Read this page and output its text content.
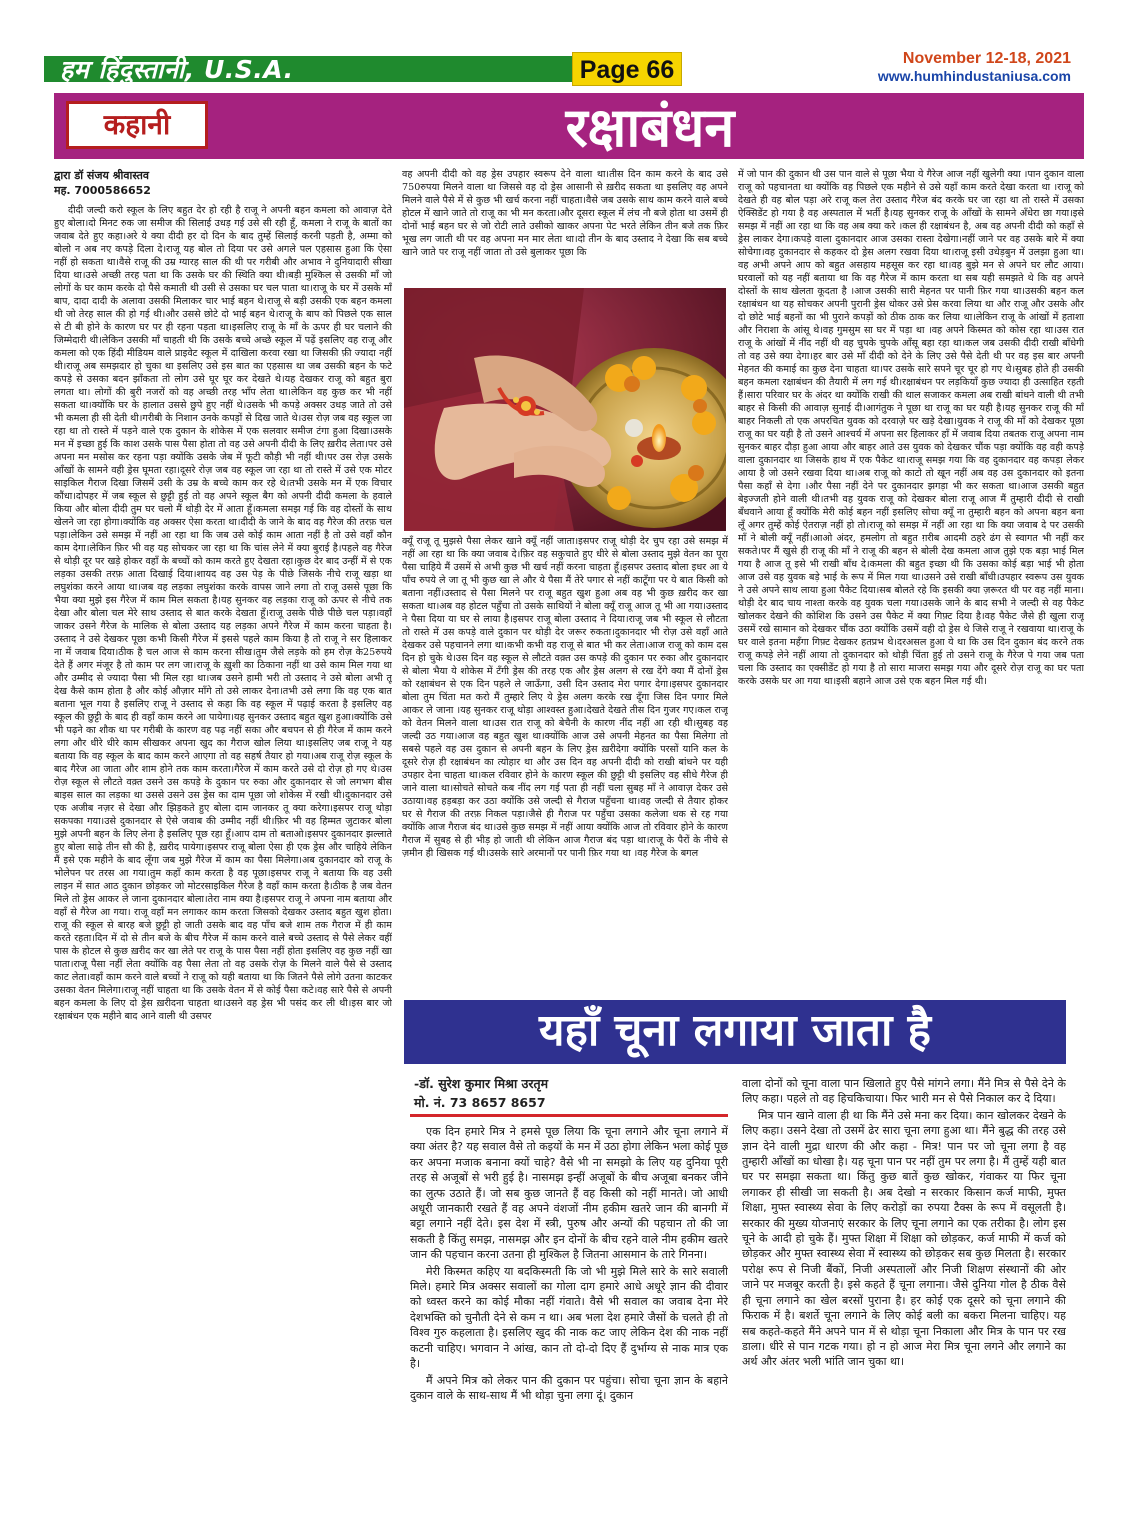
हम हिंदुस्तानी, U.S.A.	Page 66	November 12-18, 2021
www.humhindustaniusa.com
कहानी	रक्षाबंधन
द्वारा डॉ संजय श्रीवास्तव
मह. 7000586652

दीदी जल्दी करो स्कूल के लिए बहुत देर हो रही है राजू ने अपनी बहन कमला को आवाज़ देते हुए बोला।दो मिनट रुक जा समीज की सिलाई उधड़ गई उसे सी रही हूँ, कमला ने राजू के बातों का जवाब देते हुए कहा।अरे ये क्या दीदी हर दो दिन के बाद तुम्हें सिलाई करनी पड़ती है, अम्मा को बोलो न अब नए कपड़े दिला दे।राजू यह बोल तो दिया पर उसे अगले पल एहसास हुआ कि ऐसा नहीं हो सकता था।वैसे राजू की उम्र ग्यारह साल की थी पर गरीबी और अभाव ने दुनियादारी सीखा दिया था।उसे अच्छी तरह पता था कि उसके घर की स्थिति क्या थी।बड़ी मुश्किल से उसकी माँ जो लोगों के घर काम करके दो पैसे कमाती थी उसी से उसका घर चल पाता था।राजू के घर में उसके माँ बाप, दादा दादी के अलावा उसकी मिलाकर चार भाई बहन थे।राजू से बड़ी उसकी एक बहन कमला थी जो तेरह साल की हो गई थी।और उससे छोटे दो भाई बहन थे।राजू के बाप को पिछले एक साल से टी बी होने के कारण घर पर ही रहना पड़ता था।इसलिए राजू के माँ के ऊपर ही घर चलाने की जिम्मेदारी थी।लेकिन उसकी माँ चाहती थी कि उसके बच्चे अच्छे स्कूल में पढ़ें इसलिए वह राजू और कमला को एक हिंदी मीडियम वाले प्राइवेट स्कूल में दाखिला करवा रखा था जिसकी फ़ी ज्यादा नहीं थी।राजू अब समझदार हो चुका था इसलिए उसे इस बात का एहसास था जब उसकी बहन के फटे कपड़े से उसका बदन झाँकता तो लोग उसे घूर घूर कर देखते थे।यह देखकर राजू को बहुत बुरा लगता था। लोगों की बुरी नजरों को वह अच्छी तरह भाँप लेता था।लेकिन वह कुछ कर भी नहीं सकता था।क्योंकि घर के हालात उससे छुपे हुए नहीं थे।उसके भी कपड़े अक्सर उधड़ जाते तो उसे भी कमला ही सी देती थी।गरीबी के निशान उनके कपड़ों से दिख जाते थे।उस रोज़ जब वह स्कूल जा रहा था तो रास्ते में पड़ने वाले एक दुकान के शोकेस में एक सलवार समीज टंगा हुआ दिखा।उसके मन में इच्छा हुई कि काश उसके पास पैसा होता तो वह उसे अपनी दीदी के लिए ख़रीद लेता।पर उसे अपना मन मसोस कर रहना पड़ा क्योंकि उसके जेब में फूटी कौड़ी भी नहीं थी।पर उस रोज़ उसके आँखों के सामने वही ड्रेस घूमता रहा।दूसरे रोज़ जब वह स्कूल जा रहा था तो रास्ते में उसे एक मोटर साइकिल गैराज दिखा जिसमें उसी के उम्र के बच्चे काम कर रहे थे।तभी उसके मन में एक विचार कौंधा।दोपहर में जब स्कूल से छुट्टी हुई तो वह अपने स्कूल बैग को अपनी दीदी कमला के हवाले किया और बोला दीदी तुम घर चलो मैं थोड़ी देर में आता हूँ।कमला समझ गई कि वह दोस्तों के साथ खेलने जा रहा होगा।क्योंकि वह अक्सर ऐसा करता था।दीदी के जाने के बाद वह गैरेज की तरफ़ चल पड़ा।लेकिन उसे समझ में नहीं आ रहा था कि जब उसे कोई काम आता नहीं है तो उसे वहाँ कौन काम देगा।लेकिन फ़िर भी वह यह सोचकर जा रहा था कि चांस लेने में क्या बुराई है।पहले वह गैरेज से थोड़ी दूर पर खड़े होकर वहाँ के बच्चों को काम करते हुए देखता रहा।कुछ देर बाद उन्हीं में से एक लड़का उसकी तरफ़ आता दिखाई दिया।शायद वह उस पेड़ के पीछे जिसके नीचे राजू खड़ा था लघुशंका करने आया था।जब वह लड़का लघुशंका करके वापस जाने लगा तो राजू उससे पूछा कि भैया क्या मुझे इस गैरेज में काम मिल सकता है।यह सुनकर वह लड़का राजू को ऊपर से नीचे तक देखा और बोला चल मेरे साथ उस्ताद से बात करके देखता हूँ।राजू उसके पीछे पीछे चल पड़ा।वहाँ जाकर उसने गैरेज के मालिक से बोला उस्ताद यह लड़का अपने गैरेज में काम करना चाहता है।उस्ताद ने उसे देखकर पूछा कभी किसी गैरेज में इससे पहले काम किया है तो राजू ने सर हिलाकर ना में जवाब दिया।ठीक है चल आज से काम करना सीख।तुम जैसे लड़के को हम रोज़ के25रुपये देते हैं अगर मंजूर है तो काम पर लग जा।राजू के ख़ुशी का ठिकाना नहीं था उसे काम मिल गया था और उम्मीद से ज्यादा पैसा भी मिल रहा था।जब उसने हामी भरी तो उस्ताद ने उसे बोला अभी तू देख कैसे काम होता है और कोई औज़ार माँगे तो उसे लाकर देना।तभी उसे लगा कि वह एक बात बताना भूल गया है इसलिए राजू ने उस्ताद से कहा कि वह स्कूल में पढ़ाई करता है इसलिए वह स्कूल की छुट्टी के बाद ही वहाँ काम करने आ पायेगा।यह सुनकर उस्ताद बहुत खुश हुआ।क्योंकि उसे भी पढ़ने का शौक था पर गरीबी के कारण वह पढ़ नहीं सका और बचपन से ही गैरेज में काम करने लगा और धीरे धीरे काम सीखकर अपना खुद का गैराज खोल लिया था।इसलिए जब राजू ने यह बताया कि वह स्कूल के बाद काम करने आएगा तो वह सहर्ष तैयार हो गया।अब राजू रोज़ स्कूल के बाद गैरेज आ जाता और शाम होने तक काम करता।गैरेज में काम करते उसे दो रोज़ हो गए थे।उस रोज़ स्कूल से लौटते वक़्त उसने उस कपड़े के दुकान पर रुका और दुकानदार से जो लगभग बीस बाइस साल का लड़का था उससे उसने उस ड्रेस का दाम पूछा जो शोकेस में रखी थी।दुकानदार उसे एक अजीब नज़र से देखा और झिड़कते हुए बोला दाम जानकर तू क्या करेगा।इसपर राजू थोड़ा सकपका गया।उसे दुकानदार से ऐसे जवाब की उम्मीद नहीं थी।फ़िर भी वह हिम्मत जुटाकर बोला मुझे अपनी बहन के लिए लेना है इसलिए पूछ रहा हूँ।आप दाम तो बताओ।इसपर दुकानदार झल्लाते हुए बोला साढ़े तीन सौ की है, ख़रीद पायेगा।इसपर राजू बोला ऐसा ही एक ड्रेस और चाहिये लेकिन मैं इसे एक महीने के बाद लूँगा जब मुझे गैरेज में काम का पैसा मिलेगा।अब दुकानदार को राजू के भोलेपन पर तरस आ गया।तुम कहाँ काम करता है वह पूछा।इसपर राजू ने बताया कि वह उसी लाइन में सात आठ दुकान छोड़कर जो मोटरसाइकिल गैरेज है वहाँ काम करता है।ठीक है जब वेतन मिले तो ड्रेस आकर ले जाना दुकानदार बोला।तेरा नाम क्या है।इसपर राजू ने अपना नाम बताया और वहाँ से गैरेज आ गया। राजू वहाँ मन लगाकर काम करता जिसको देखकर उस्ताद बहुत खुश होता।राजू की स्कूल से बारह बजे छुट्टी हो जाती उसके बाद वह पाँच बजे शाम तक गैराज में ही काम करते रहता।दिन में दो से तीन बजे के बीच गैरेज में काम करने वाले बच्चे उस्ताद से पैसे लेकर वहीं पास के होटल से कुछ ख़रीद कर खा लेते पर राजू के पास पैसा नहीं होता इसलिए वह कुछ नहीं खा पाता।राजू पैसा नहीं लेता क्योंकि वह पैसा लेता तो वह उसके रोज़ के मिलने वाले पैसे से उस्ताद काट लेता।वहाँ काम करने वाले बच्चों ने राजू को यही बताया था कि जितने पैसे लोगे उतना काटकर उसका वेतन मिलेगा।राजू नहीं चाहता था कि उसके वेतन में से कोई पैसा कटे।वह सारे पैसे से अपनी बहन कमला के लिए दो ड्रेस ख़रीदना चाहता था।उसने वह ड्रेस भी पसंद कर ली थी।इस बार जो रक्षाबंधन एक महीने बाद आने वाली थी उसपर

वह अपनी दीदी को वह ड्रेस उपहार स्वरूप देने वाला था।तीस दिन काम करने के बाद उसे 750रुपया मिलने वाला था जिससे वह दो ड्रेस आसानी से ख़रीद सकता था इसलिए वह अपने मिलने वाले पैसे में से कुछ भी खर्च करना नहीं चाहता।वैसे जब उसके साथ काम करने वाले बच्चे होटल में खाने जाते तो राजू का भी मन करता।और दूसरा स्कूल में लंच नौ बजे होता था उसमें ही दोनों भाई बहन घर से जो रोटी लाते उसीको खाकर अपना पेट भरते लेकिन तीन बजे तक फ़िर भूख लग जाती थी पर वह अपना मन मार लेता था।दो तीन के बाद उस्ताद ने देखा कि सब बच्चे खाने जाते पर राजू नहीं जाता तो उसे बुलाकर पूछा कि

क्यूँ राजू तू मुझसे पैसा लेकर खाने क्यूँ नहीं जाता।इसपर राजू थोड़ी देर चुप रहा उसे समझ में नहीं आ रहा था कि क्या जवाब दे।फ़िर वह सकुचाते हुए धीरे से बोला उस्ताद मुझे वेतन का पूरा पैसा चाहिये मैं उसमें से अभी कुछ भी खर्च नहीं करना चाहता हूँ।इसपर उस्ताद बोला इधर आ ये पाँच रुपये ले जा तू भी कुछ खा ले और ये पैसा मैं तेरे पगार से नहीं काटूँगा पर ये बात किसी को बताना नहीं।उस्ताद से पैसा मिलने पर राजू बहुत खुश हुआ अब वह भी कुछ ख़रीद कर खा सकता था।अब वह होटल पहुँचा तो उसके साथियों ने बोला क्यूँ राजू आज तू भी आ गया।उस्ताद ने पैसा दिया या घर से लाया है।इसपर राजू बोला उस्ताद ने दिया।राजू जब भी स्कूल से लौटता तो रास्ते में उस कपड़े वाले दुकान पर थोड़ी देर जरूर रुकता।दुकानदार भी रोज़ उसे वहाँ आते देखकर उसे पहचानने लगा था।कभी कभी वह राजू से बात भी कर लेता।आज राजू को काम दस दिन हो चुके थे।उस दिन वह स्कूल से लौटते वक़्त उस कपड़े की दुकान पर रुका और दुकानदार से बोला भैया ये शोकेस में टँगी ड्रेस की तरह एक और ड्रेस अलग से रख देंगे क्या मैं दोनों ड्रेस को रक्षाबंधन से एक दिन पहले ले जाऊँगा, उसी दिन उस्ताद मेरा पगार देगा।इसपर दुकानदार बोला तुम चिंता मत करो मैं तुम्हारे लिए ये ड्रेस अलग करके रख दूँगा जिस दिन पगार मिले आकर ले जाना ।यह सुनकर राजू थोड़ा आश्वस्त हुआ।देखते देखते तीस दिन गुजर गए।कल राजू को वेतन मिलने वाला था।उस रात राजू को बेचैनी के कारण नींद नहीं आ रही थी।सुबह वह जल्दी उठ गया।आज वह बहुत खुश था।क्योंकि आज उसे अपनी मेहनत का पैसा मिलेगा तो सबसे पहले वह उस दुकान से अपनी बहन के लिए ड्रेस ख़रीदेगा क्योंकि परसों यानि कल के दूसरे रोज़ ही रक्षाबंधन का त्योहार था और उस दिन वह अपनी दीदी को राखी बांधने पर यही उपहार देना चाहता था।कल रविवार होने के कारण स्कूल की छुट्टी थी इसलिए वह सीधे गैरेज ही जाने वाला था।सोचते सोचते कब नींद लग गई पता ही नहीं चला सुबह माँ ने आवाज़ देकर उसे उठाया।वह हड़बड़ा कर उठा क्योंकि उसे जल्दी से गैराज पहुँचना था।वह जल्दी से तैयार होकर घर से गैराज की तरफ़ निकल पड़ा।जैसे ही गैराज पर पहुँचा उसका कलेजा धक से रह गया क्योंकि आज गैराज बंद था।उसे कुछ समझ में नहीं आया क्योंकि आज तो रविवार होने के कारण गैराज में सुबह से ही भीड़ हो जाती थी लेकिन आज गैराज बंद पड़ा था।राजू के पैरों के नीचे से ज़मीन ही खिसक गई थी।उसके सारे अरमानों पर पानी फ़िर गया था ।वह गैरेज के बगल

में जो पान की दुकान थी उस पान वाले से पूछा भैया ये गैरेज आज नहीं खुलेगी क्या ।पान दुकान वाला राजू को पहचानता था क्योंकि वह पिछले एक महीने से उसे यहाँ काम करते देखा करता था ।राजू को देखते ही वह बोल पड़ा अरे राजू कल तेरा उस्ताद गैरेज बंद करके घर जा रहा था तो रास्ते में उसका ऐक्सिडेंट हो गया है वह अस्पताल में भर्ती है।यह सुनकर राजू के आँखों के सामने अँधेरा छा गया।इसे समझ में नहीं आ रहा था कि वह अब क्या करे ।कल ही रक्षाबंधन है, अब वह अपनी दीदी को कहाँ से ड्रेस लाकर देगा।कपड़े वाला दुकानदार आज उसका रास्ता देखेगा।नहीं जाने पर वह उसके बारे में क्या सोचेगा।वह दुकानदार से कहकर दो ड्रेस अलग रखवा दिया था।राजू इसी उधेड़बुन में उलझा हुआ था।वह अभी अपने आप को बहुत असहाय महसूस कर रहा था।वह बुझे मन से अपने घर लौट आया।घरवालों को यह नहीं बताया था कि वह गैरेज में काम करता था सब यही समझते थे कि वह अपने दोस्तों के साथ खेलता कूदता है ।आज उसकी सारी मेहनत पर पानी फ़िर गया था।उसकी बहन कल रक्षाबंधन था यह सोचकर अपनी पुरानी ड्रेस धोकर उसे प्रेस करवा लिया था और राजू और उसके और दो छोटे भाई बहनों का भी पुराने कपड़ों को ठीक ठाक कर लिया था।लेकिन राजू के आंखों में हताशा और निराशा के आंसू थे।वह गुमसुम सा घर में पड़ा था ।वह अपने किस्मत को कोस रहा था।उस रात राजू के आंखों में नींद नहीं थी वह चुपके चुपके आँसू बहा रहा था।कल जब उसकी दीदी राखी बाँधेगी तो वह उसे क्या देगा।हर बार उसे माँ दीदी को देने के लिए उसे पैसे देती थी पर वह इस बार अपनी मेहनत की कमाई का कुछ देना चाहता था।पर उसके सारे सपने चूर चूर हो गए थे।सुबह होते ही उसकी बहन कमला रक्षाबंधन की तैयारी में लग गई थी।रक्षाबंधन पर लड़कियाँ कुछ ज्यादा ही उत्साहित रहती हैं।सारा परिवार घर के अंदर था क्योंकि राखी की थाल सजाकर कमला अब राखी बांधने वाली थी तभी बाहर से किसी की आवाज़ सुनाई दी।आगंतुक ने पूछा था राजू का घर यही है।यह सुनकर राजू की माँ बाहर निकली तो एक अपरचित युवक को दरवाज़े पर खड़े देखा।युवक ने राजू की माँ को देखकर पूछा राजू का घर यही है तो उसने आश्चर्य में अपना सर हिलाकर हाँ में जवाब दिया तबतक राजू अपना नाम सुनकर बाहर दौड़ा हुआ आया और बाहर आते उस युवक को देखकर चौंक पड़ा क्योंकि वह वही कपड़े वाला दुकानदार था जिसके हाथ में एक पैकेट था।राजू समझ गया कि वह दुकानदार वह कपड़ा लेकर आया है जो उसने रखवा दिया था।अब राजू को काटो तो खून नहीं अब वह उस दुकानदार को इतना पैसा कहाँ से देगा ।और पैसा नहीं देने पर दुकानदार झगड़ा भी कर सकता था।आज उसकी बहुत बेइज्जती होने वाली थी।तभी वह युवक राजू को देखकर बोला राजू आज मैं तुम्हारी दीदी से राखी बँधवाने आया हूँ क्योंकि मेरी कोई बहन नहीं इसलिए सोचा क्यूँ ना तुम्हारी बहन को अपना बहन बना लूँ अगर तुम्हें कोई ऐतराज़ नहीं हो तो।राजू को समझ में नहीं आ रहा था कि क्या जवाब दे पर उसकी माँ ने बोली क्यूँ नहीं।आओ अंदर, हमलोग तो बहुत ग़रीब आदमी ठहरे ढंग से स्वागत भी नहीं कर सकते।पर मैं खुसे ही राजू की माँ ने राजू की बहन से बोली देख कमला आज तुझे एक बड़ा भाई मिल गया है आज तू इसे भी राखी बाँध दे।कमला की बहुत इच्छा थी कि उसका कोई बड़ा भाई भी होता आज उसे वह युवक बड़े भाई के रूप में मिल गया था।उसने उसे राखी बाँधी।उपहार स्वरूप उस युवक ने उसे अपने साथ लाया हुआ पैकेट दिया।सब बोलते रहे कि इसकी क्या ज़रूरत थी पर वह नहीं माना।थोड़ी देर बाद चाय नाश्ता करके वह युवक चला गया।उसके जाने के बाद सभी ने जल्दी से वह पैकेट खोलकर देखने की कोशिश कि उसने उस पैकेट में क्या गिफ़्ट दिया है।वह पैकेट जैसे ही खुला राजू उसमें रखे सामान को देखकर चौंक उठा क्योंकि उसमें वही दो ड्रेस थे जिसे राजू ने रखवाया था।राजू के घर वाले इतना महँगा गिफ़्ट देखकर हतप्रभ थे।दरअसल हुआ ये था कि उस दिन दुकान बंद करने तक राजू कपड़े लेने नहीं आया तो दुकानदार को थोड़ी चिंता हुई तो उसने राजू के गैरेज पे गया जब पता चला कि उस्ताद का एक्सीडेंट हो गया है तो सारा माजरा समझ गया और दूसरे रोज़ राजू का घर पता करके उसके घर आ गया था।इसी बहाने आज उसे एक बहन मिल गई थी।

यहाँ चूना लगाया जाता है
-डॉ. सुरेश कुमार मिश्रा उरतृम
मो. नं. 73 8657 8657

एक दिन हमारे मित्र ने हमसे पूछ लिया कि चूना लगाने और चूना लगाने में क्या अंतर है? यह सवाल वैसे तो कइयों के मन में उठा होगा लेकिन भला कोई पूछ कर अपना मजाक बनाना क्यों चाहे? वैसे भी ना समझो के लिए यह दुनिया पूरी तरह से अजूबों से भरी हुई है। नासमझ इन्हीं अजूबों के बीच अजूबा बनकर जीने का लुत्फ उठाते हैं। जो सब कुछ जानते हैं वह किसी को नहीं मानते। जो आधी अधूरी जानकारी रखते हैं वह अपने वंशजों नीम हकीम खतरे जान की बानगी में बट्टा लगाने नहीं देते। इस देश में स्त्री, पुरुष और अन्यों की पहचान तो की जा सकती है किंतु समझ, नासमझ और इन दोनों के बीच रहने वाले नीम हकीम खतरे जान की पहचान करना उतना ही मुश्किल है जितना आसमान के तारे गिनना।

मेरी किस्मत कहिए या बदकिस्मती कि जो भी मुझे मिले सारे के सारे सवाली मिले। हमारे मित्र अक्सर सवालों का गोला दाग हमारे आधे अधूरे ज्ञान की दीवार को ध्वस्त करने का कोई मौका नहीं गंवाते। वैसे भी सवाल का जवाब देना मेरे देशभक्ति को चुनौती देने से कम न था। अब भला देश हमारे जैसों के चलते ही तो विश्व गुरु कहलाता है। इसलिए खुद की नाक कट जाए लेकिन देश की नाक नहीं कटनी चाहिए। भगवान ने आंख, कान तो दो-दो दिए हैं दुर्भाग्य से नाक मात्र एक है।

मैं अपने मित्र को लेकर पान की दुकान पर पहुंचा। सोचा चूना ज्ञान के बहाने दुकान वाले के साथ-साथ मैं भी थोड़ा चुना लगा दूं। दुकान

वाला दोनों को चूना वाला पान खिलाते हुए पैसे मांगने लगा। मैंने मित्र से पैसे देने के लिए कहा। पहले तो वह हिचकिचाया। फिर भारी मन से पैसे निकाल कर दे दिया।

मित्र पान खाने वाला ही था कि मैंने उसे मना कर दिया। कान खोलकर देखने के लिए कहा। उसने देखा तो उसमें ढेर सारा चूना लगा हुआ था। मैंने बुद्ध की तरह उसे ज्ञान देने वाली मुद्रा धारण की और कहा - मित्र! पान पर जो चूना लगा है वह तुम्हारी आँखों का धोखा है। यह चूना पान पर नहीं तुम पर लगा है। मैं तुम्हें यही बात घर पर समझा सकता था। किंतु कुछ बातें कुछ खोकर, गंवाकर या फिर चूना लगाकर ही सीखी जा सकती है। अब देखो न सरकार किसान कर्ज माफी, मुफ्त शिक्षा, मुफ्त स्वास्थ्य सेवा के लिए करोड़ों का रुपया टैक्स के रूप में वसूलती है। सरकार की मुख्य योजनाएं सरकार के लिए चूना लगाने का एक तरीका है। लोग इस चूने के आदी हो चुके हैं। मुफ्त शिक्षा में शिक्षा को छोड़कर, कर्ज माफी में कर्ज को छोड़कर और मुफ्त स्वास्थ्य सेवा में स्वास्थ्य को छोड़कर सब कुछ मिलता है। सरकार परोक्ष रूप से निजी बैंकों, निजी अस्पतालों और निजी शिक्षण संस्थानों की ओर जाने पर मजबूर करती है। इसे कहते हैं चूना लगाना। जैसे दुनिया गोल है ठीक वैसे ही चूना लगाने का खेल बरसों पुराना है। हर कोई एक दूसरे को चूना लगाने की फिराक में है। बशर्ते चूना लगाने के लिए कोई बली का बकरा मिलना चाहिए। यह सब कहते-कहते मैंने अपने पान में से थोड़ा चूना निकाला और मित्र के पान पर रख डाला। धीरे से पान गटक गया। हो न हो आज मेरा मित्र चूना लगने और लगाने का अर्थ और अंतर भली भांति जान चुका था।
